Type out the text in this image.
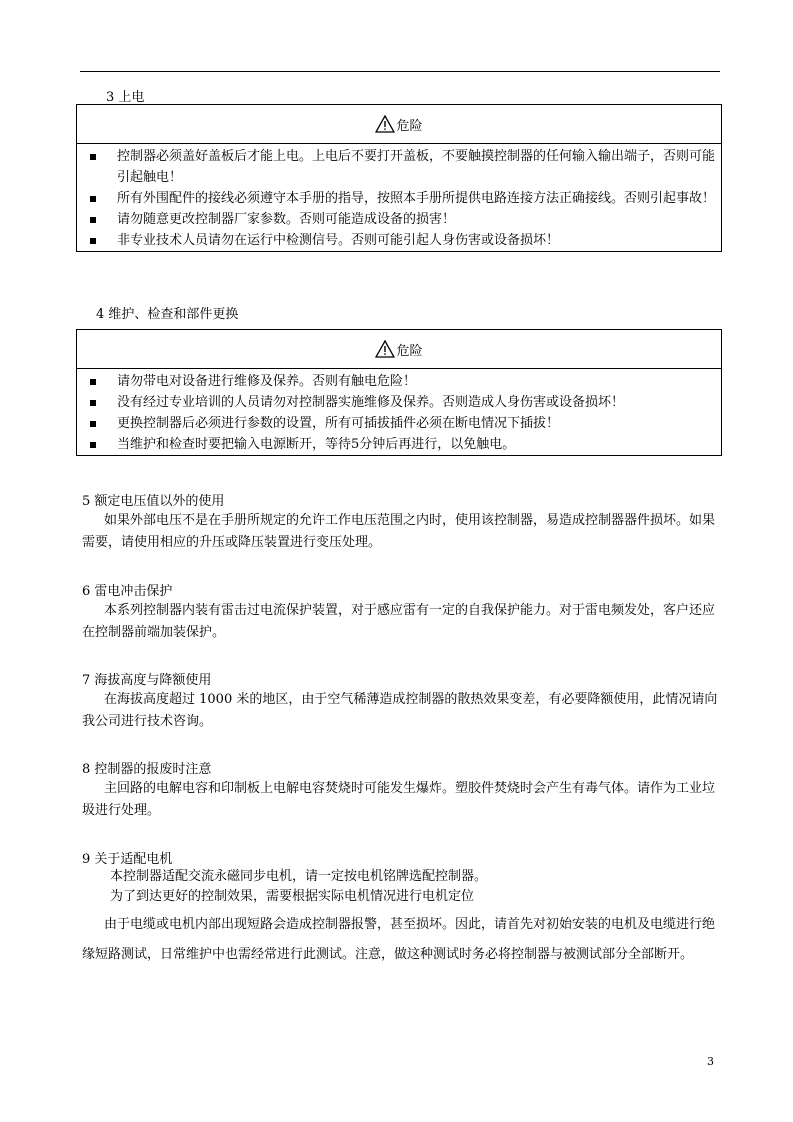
3 上电
危险
控制器必须盖好盖板后才能上电。上电后不要打开盖板，不要触摸控制器的任何输入输出端子，否则可能引起触电！
所有外围配件的接线必须遵守本手册的指导，按照本手册所提供电路连接方法正确接线。否则引起事故！
请勿随意更改控制器厂家参数。否则可能造成设备的损害！
非专业技术人员请勿在运行中检测信号。否则可能引起人身伤害或设备损坏！
4 维护、检查和部件更换
危险
请勿带电对设备进行维修及保养。否则有触电危险！
没有经过专业培训的人员请勿对控制器实施维修及保养。否则造成人身伤害或设备损坏！
更换控制器后必须进行参数的设置，所有可插拔插件必须在断电情况下插拔！
当维护和检查时要把输入电源断开，等待5分钟后再进行，以免触电。
5 额定电压值以外的使用
如果外部电压不是在手册所规定的允许工作电压范围之内时，使用该控制器，易造成控制器器件损坏。如果需要，请使用相应的升压或降压装置进行变压处理。
6 雷电冲击保护
本系列控制器内装有雷击过电流保护装置，对于感应雷有一定的自我保护能力。对于雷电频发处，客户还应在控制器前端加装保护。
7 海拔高度与降额使用
在海拔高度超过 1000 米的地区，由于空气稀薄造成控制器的散热效果变差，有必要降额使用，此情况请向我公司进行技术咨询。
8 控制器的报废时注意
主回路的电解电容和印制板上电解电容焚烧时可能发生爆炸。塑胶件焚烧时会产生有毒气体。请作为工业垃圾进行处理。
9 关于适配电机
本控制器适配交流永磁同步电机，请一定按电机铭牌选配控制器。
为了到达更好的控制效果，需要根据实际电机情况进行电机定位
由于电缆或电机内部出现短路会造成控制器报警，甚至损坏。因此，请首先对初始安装的电机及电缆进行绝缘短路测试，日常维护中也需经常进行此测试。注意，做这种测试时务必将控制器与被测试部分全部断开。
3
